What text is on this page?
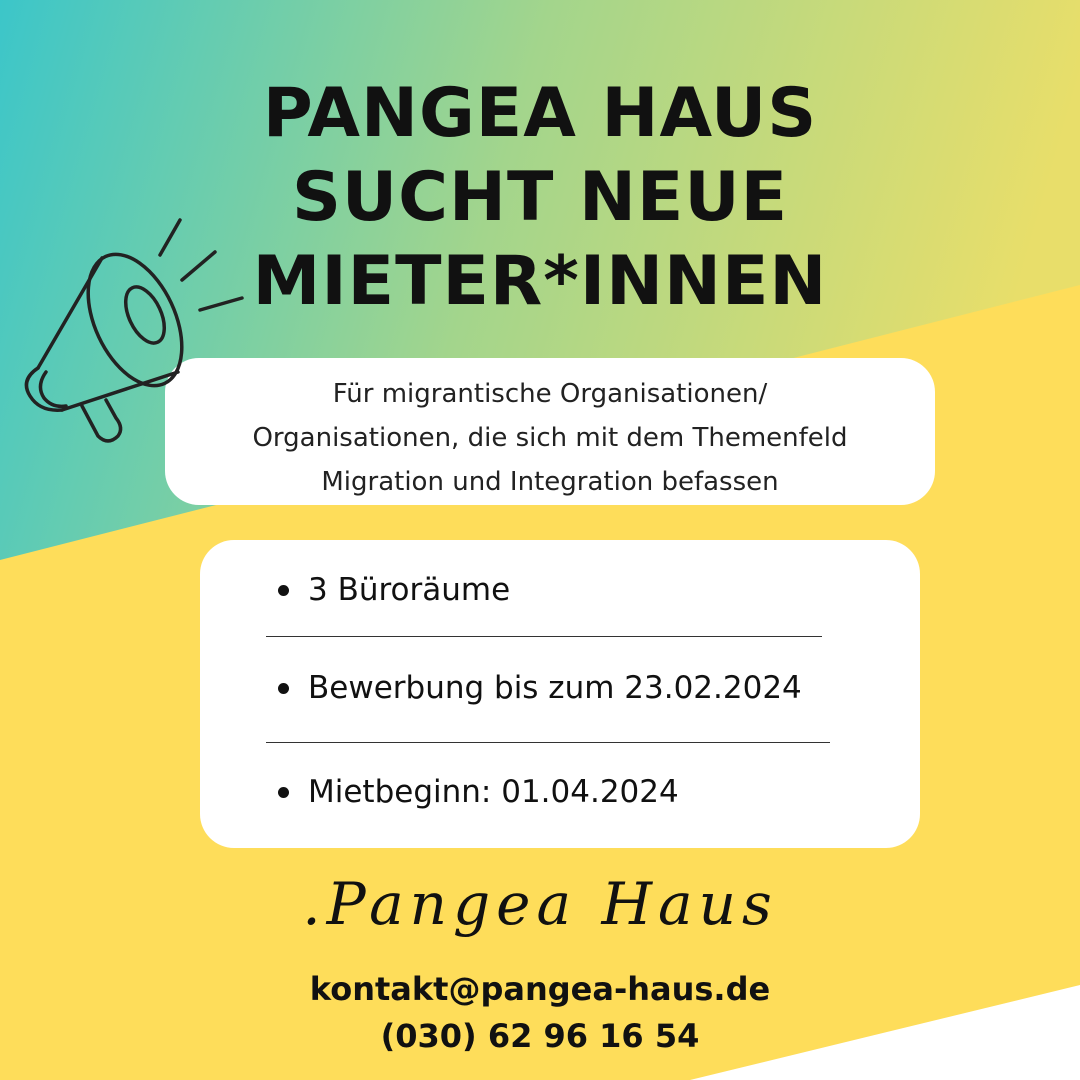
PANGEA HAUS
SUCHT NEUE
MIETER*INNEN
Für migrantische Organisationen/
Organisationen, die sich mit dem Themenfeld
Migration und Integration befassen
3 Büroräume
Bewerbung bis zum 23.02.2024
Mietbeginn: 01.04.2024
.Pangea Haus
kontakt@pangea-haus.de
(030) 62 96 16 54
